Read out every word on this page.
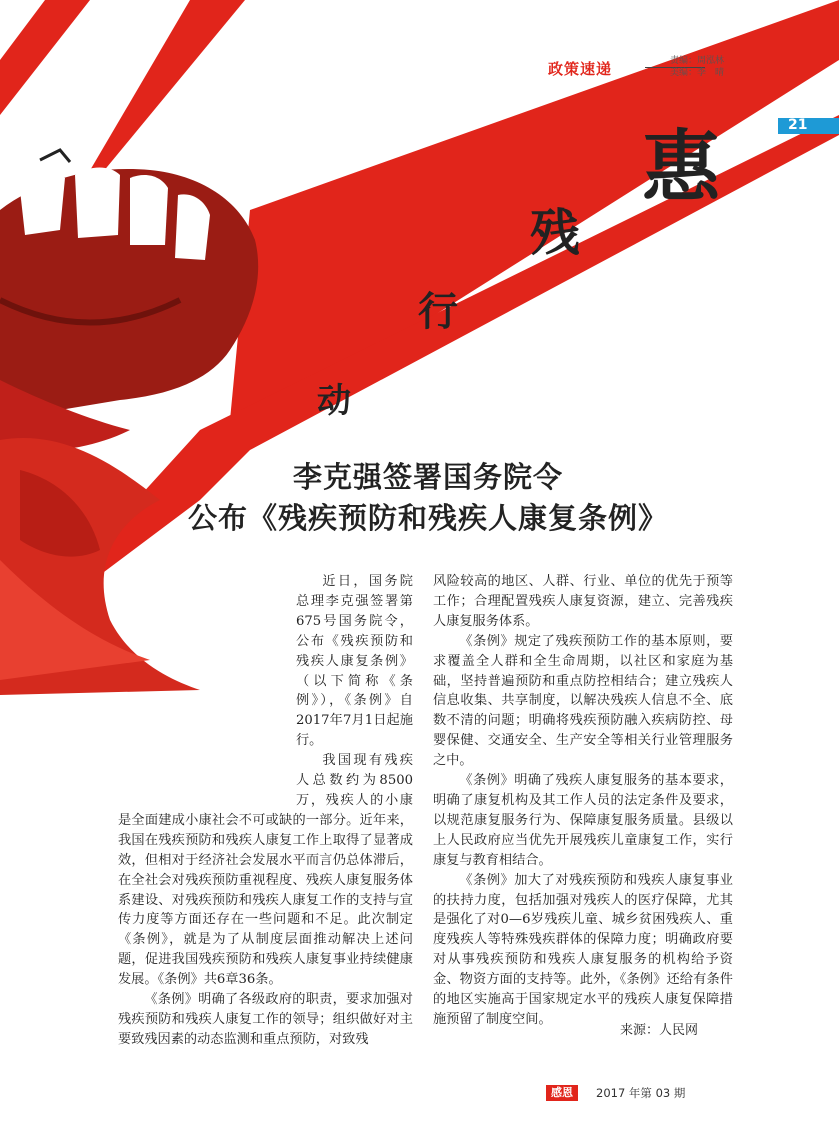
政策速递	责编：周泓林
美编：李　晴
» 21
惠
残
行
动
李克强签署国务院令
公布《残疾预防和残疾人康复条例》

近日，国务院总理李克强签署第675号国务院令，公布《残疾预防和残疾人康复条例》（以下简称《条例》），《条例》自2017年7月1日起施行。

我国现有残疾人总数约为8500万，残疾人的小康是全面建成小康社会不可或缺的一部分。近年来，我国在残疾预防和残疾人康复工作上取得了显著成效，但相对于经济社会发展水平而言仍总体滞后，在全社会对残疾预防重视程度、残疾人康复服务体系建设、对残疾预防和残疾人康复工作的支持与宣传力度等方面还存在一些问题和不足。此次制定《条例》，就是为了从制度层面推动解决上述问题，促进我国残疾预防和残疾人康复事业持续健康发展。《条例》共6章36条。

《条例》明确了各级政府的职责，要求加强对残疾预防和残疾人康复工作的领导；组织做好对主要致残因素的动态监测和重点预防，对致残

风险较高的地区、人群、行业、单位的优先于预等工作；合理配置残疾人康复资源，建立、完善残疾人康复服务体系。

《条例》规定了残疾预防工作的基本原则，要求覆盖全人群和全生命周期，以社区和家庭为基础，坚持普遍预防和重点防控相结合；建立残疾人信息收集、共享制度，以解决残疾人信息不全、底数不清的问题；明确将残疾预防融入疾病防控、母婴保健、交通安全、生产安全等相关行业管理服务之中。

《条例》明确了残疾人康复服务的基本要求，明确了康复机构及其工作人员的法定条件及要求，以规范康复服务行为、保障康复服务质量。县级以上人民政府应当优先开展残疾儿童康复工作，实行康复与教育相结合。

《条例》加大了对残疾预防和残疾人康复事业的扶持力度，包括加强对残疾人的医疗保障，尤其是强化了对0—6岁残疾儿童、城乡贫困残疾人、重度残疾人等特殊残疾群体的保障力度；明确政府要对从事残疾预防和残疾人康复服务的机构给予资金、物资方面的支持等。此外，《条例》还给有条件的地区实施高于国家规定水平的残疾人康复保障措施预留了制度空间。

来源：人民网
感恩	2017 年第 03 期
